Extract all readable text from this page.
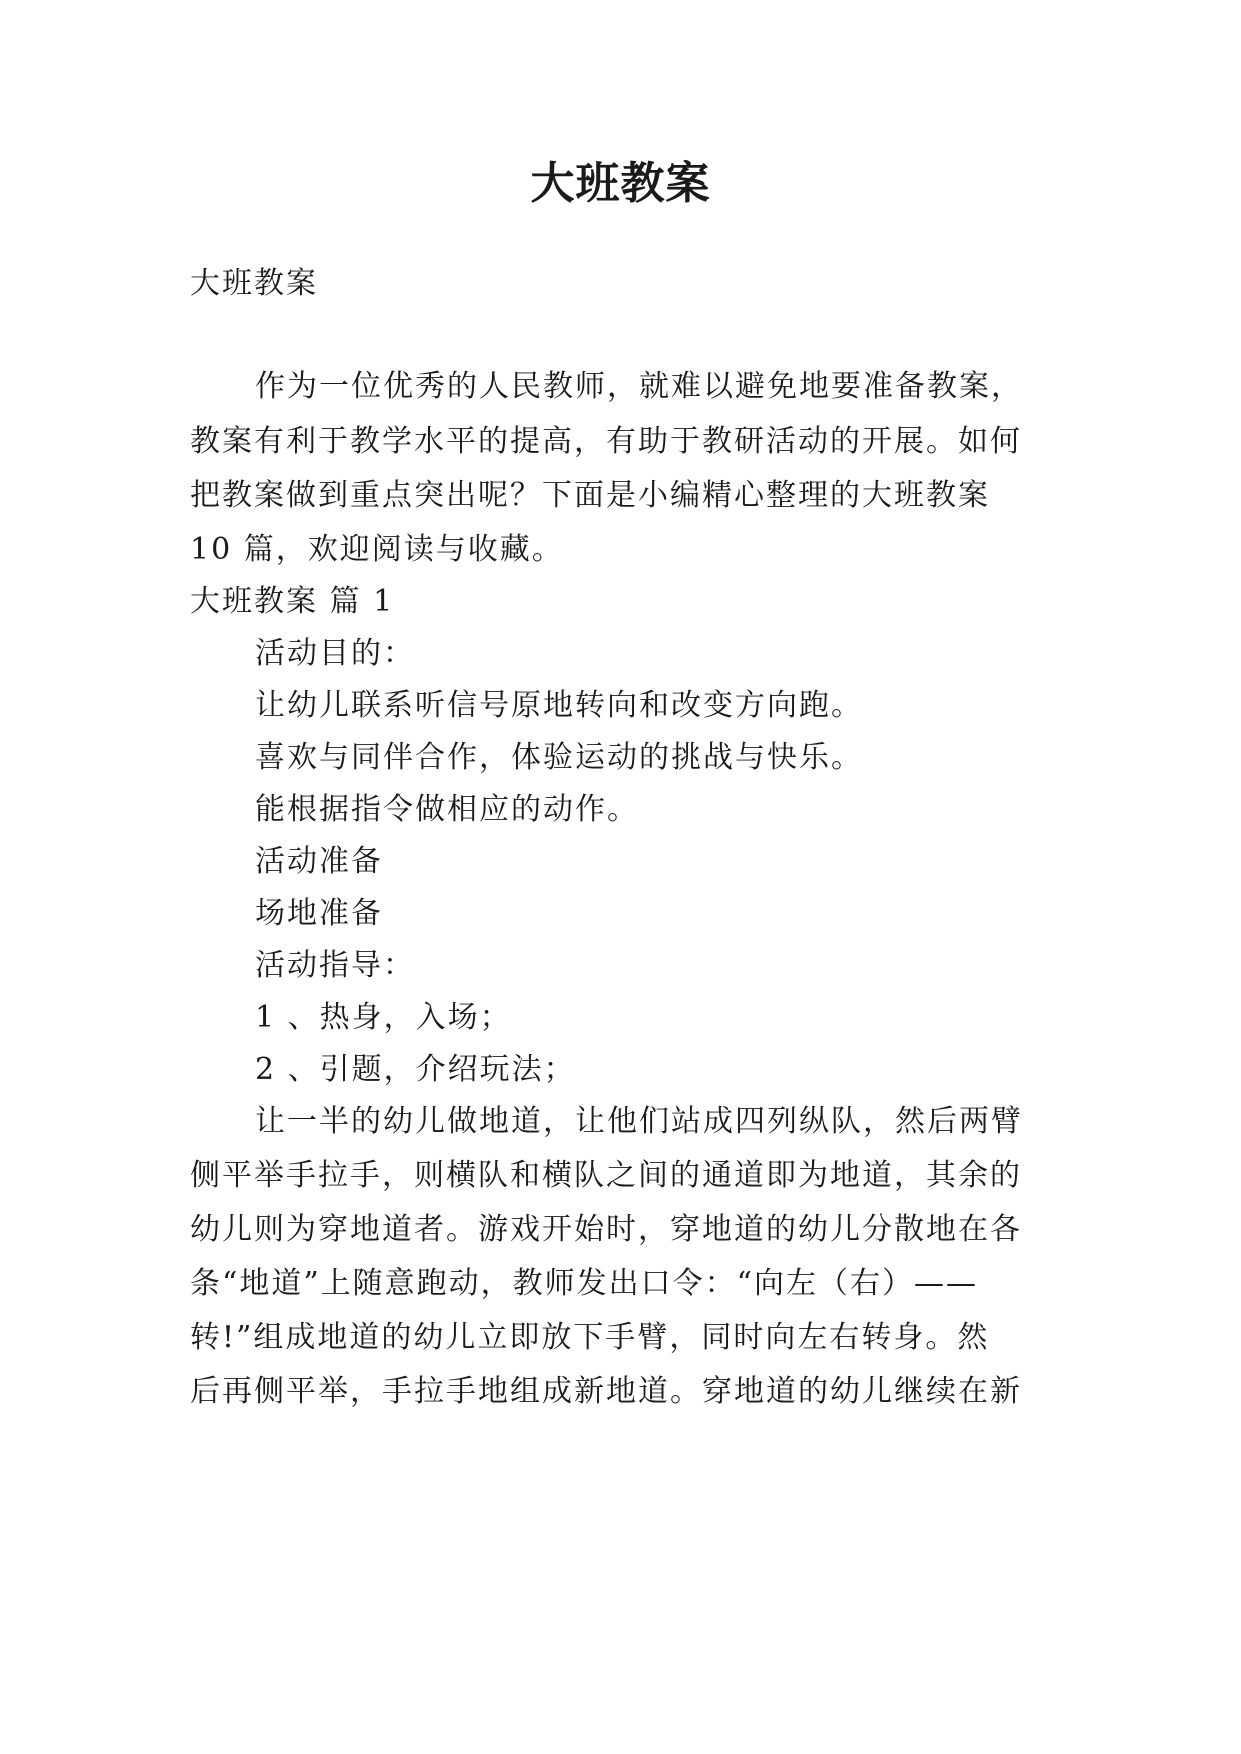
大班教案
大班教案
作为一位优秀的人民教师，就难以避免地要准备教案，
教案有利于教学水平的提高，有助于教研活动的开展。如何
把教案做到重点突出呢？下面是小编精心整理的大班教案
10 篇，欢迎阅读与收藏。
大班教案 篇 1
活动目的：
让幼儿联系听信号原地转向和改变方向跑。
喜欢与同伴合作，体验运动的挑战与快乐。
能根据指令做相应的动作。
活动准备
场地准备
活动指导：
1 、热身，入场；
2 、引题，介绍玩法；
让一半的幼儿做地道，让他们站成四列纵队，然后两臂
侧平举手拉手，则横队和横队之间的通道即为地道，其余的
幼儿则为穿地道者。游戏开始时，穿地道的幼儿分散地在各
条“地道”上随意跑动，教师发出口令：“向左（右）——
转!”组成地道的幼儿立即放下手臂，同时向左右转身。然
后再侧平举，手拉手地组成新地道。穿地道的幼儿继续在新
